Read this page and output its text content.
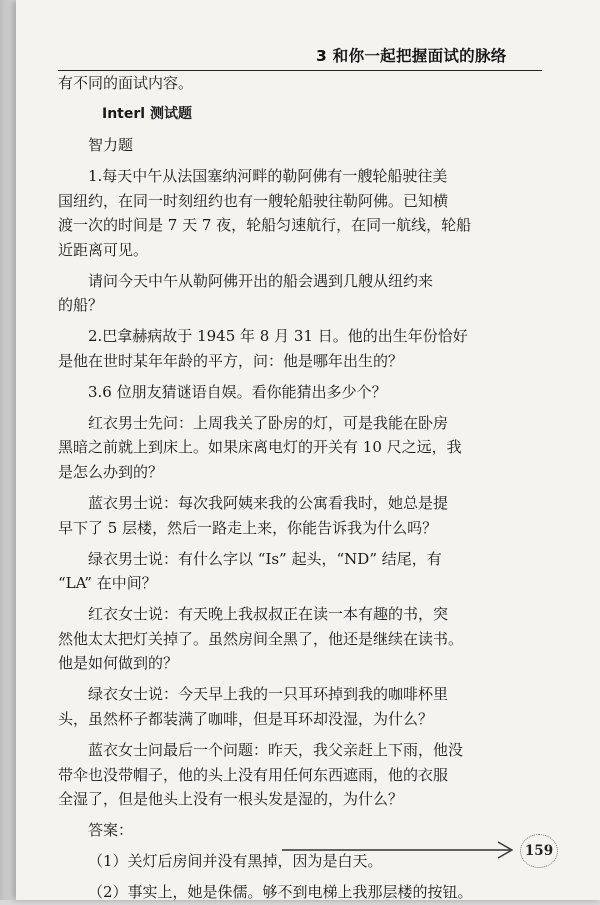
3 和你一起把握面试的脉络
有不同的面试内容。
Interl 测试题
智力题
1.每天中午从法国塞纳河畔的勒阿佛有一艘轮船驶往美
国纽约，在同一时刻纽约也有一艘轮船驶往勒阿佛。已知横
渡一次的时间是 7 天 7 夜，轮船匀速航行，在同一航线，轮船
近距离可见。
请问今天中午从勒阿佛开出的船会遇到几艘从纽约来
的船？
2.巴拿赫病故于 1945 年 8 月 31 日。他的出生年份恰好
是他在世时某年年龄的平方，问：他是哪年出生的？
3.6 位朋友猜谜语自娱。看你能猜出多少个？
红衣男士先问：上周我关了卧房的灯，可是我能在卧房
黑暗之前就上到床上。如果床离电灯的开关有 10 尺之远，我
是怎么办到的？
蓝衣男士说：每次我阿姨来我的公寓看我时，她总是提
早下了 5 层楼，然后一路走上来，你能告诉我为什么吗？
绿衣男士说：有什么字以 “Is” 起头，“ND” 结尾，有
“LA” 在中间？
红衣女士说：有天晚上我叔叔正在读一本有趣的书，突
然他太太把灯关掉了。虽然房间全黑了，他还是继续在读书。
他是如何做到的？
绿衣女士说：今天早上我的一只耳环掉到我的咖啡杯里
头，虽然杯子都装满了咖啡，但是耳环却没湿，为什么？
蓝衣女士问最后一个问题：昨天，我父亲赶上下雨，他没
带伞也没带帽子，他的头上没有用任何东西遮雨，他的衣服
全湿了，但是他头上没有一根头发是湿的，为什么？
答案：
（1）关灯后房间并没有黑掉，因为是白天。
（2）事实上，她是侏儒。够不到电梯上我那层楼的按钮。
159
